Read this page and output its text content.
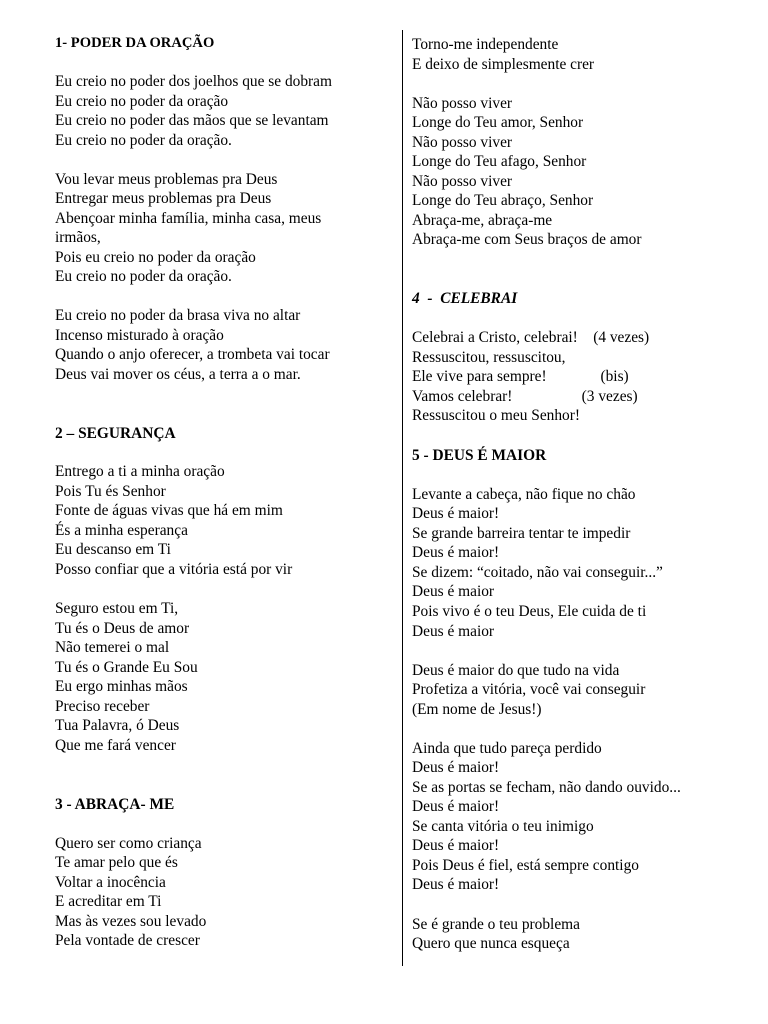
1- PODER DA ORAÇÃO
Eu creio no poder dos joelhos que se dobram
Eu creio no poder da oração
Eu creio no poder das mãos que se levantam
Eu creio no poder da oração.
Vou levar meus problemas pra Deus
Entregar meus problemas pra Deus
Abençoar minha família, minha casa, meus
irmãos,
Pois eu creio no poder da oração
Eu creio no poder da oração.
Eu creio no poder da brasa viva no altar
Incenso misturado à oração
Quando o anjo oferecer, a trombeta vai tocar
Deus vai mover os céus, a terra a o mar.
2 – SEGURANÇA
Entrego a ti a minha oração
Pois Tu és Senhor
Fonte de águas vivas que há em mim
És a minha esperança
Eu descanso em Ti
Posso confiar que a vitória está por vir
Seguro estou em Ti,
Tu és o Deus de amor
Não temerei o mal
Tu és o Grande Eu Sou
Eu ergo minhas mãos
Preciso receber
Tua Palavra, ó Deus
Que me fará vencer
3 - ABRAÇA- ME
Quero ser como criança
Te amar pelo que és
Voltar a inocência
E acreditar em Ti
Mas às vezes sou levado
Pela vontade de crescer
Torno-me independente
E deixo de simplesmente crer
Não posso viver
Longe do Teu amor, Senhor
Não posso viver
Longe do Teu afago, Senhor
Não posso viver
Longe do Teu abraço, Senhor
Abraça-me, abraça-me
Abraça-me com Seus braços de amor
4  -  CELEBRAI
Celebrai a Cristo, celebrai!    (4 vezes)
Ressuscitou, ressuscitou,
Ele vive para sempre!              (bis)
Vamos celebrar!                  (3 vezes)
Ressuscitou o meu Senhor!
5 - DEUS É MAIOR
Levante a cabeça, não fique no chão
Deus é maior!
Se grande barreira tentar te impedir
Deus é maior!
Se dizem: “coitado, não vai conseguir...”
Deus é maior
Pois vivo é o teu Deus, Ele cuida de ti
Deus é maior
Deus é maior do que tudo na vida
Profetiza a vitória, você vai conseguir
(Em nome de Jesus!)
Ainda que tudo pareça perdido
Deus é maior!
Se as portas se fecham, não dando ouvido...
Deus é maior!
Se canta vitória o teu inimigo
Deus é maior!
Pois Deus é fiel, está sempre contigo
Deus é maior!
Se é grande o teu problema
Quero que nunca esqueça
